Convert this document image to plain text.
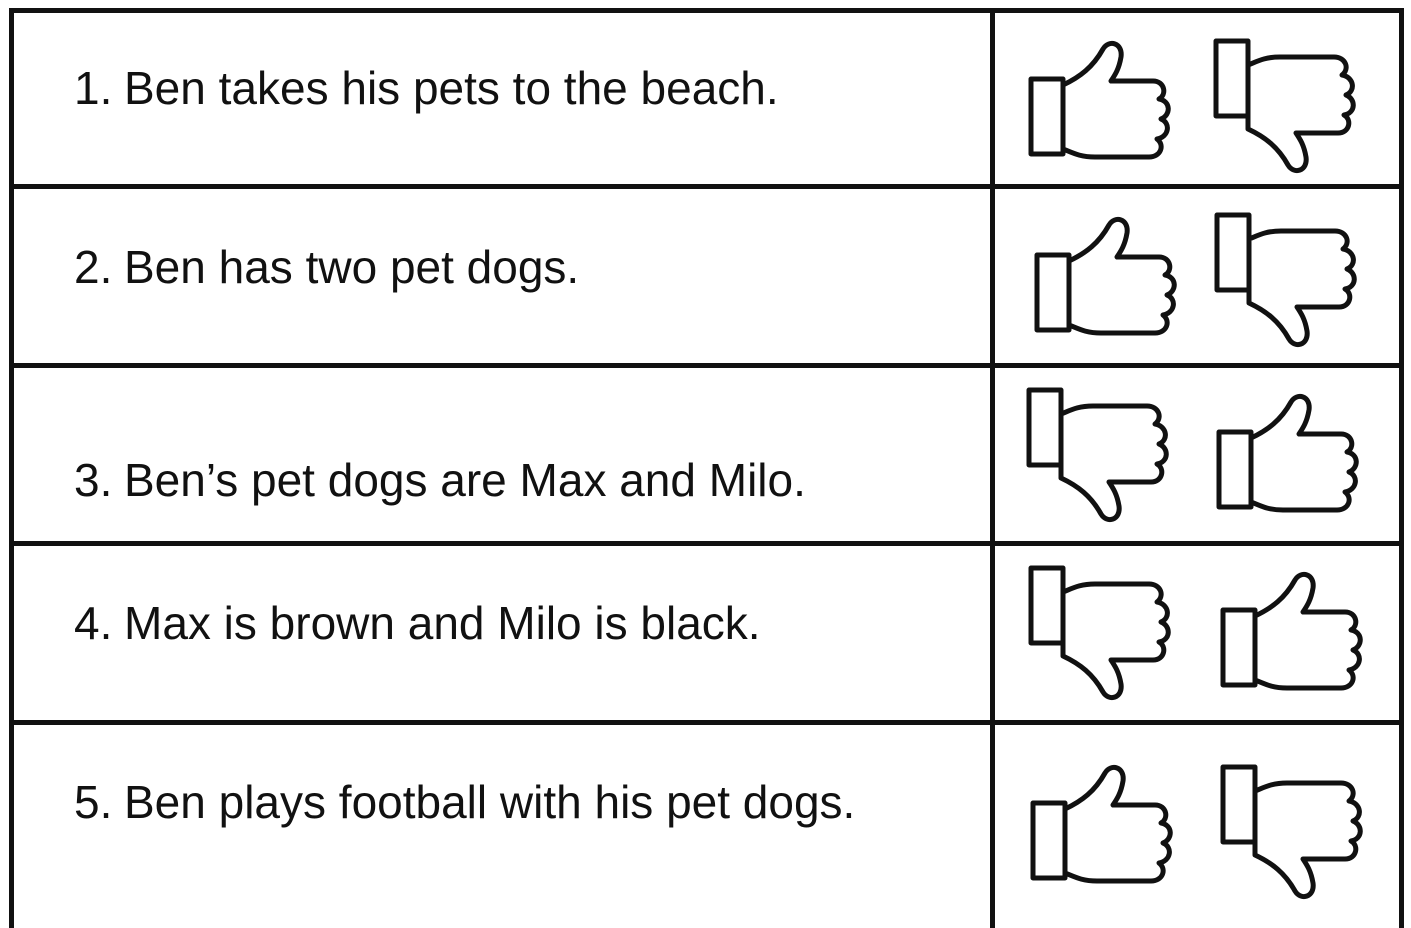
1. Ben takes his pets to the beach.

2. Ben has two pet dogs.

3. Ben’s pet dogs are Max and Milo.

4. Max is brown and Milo is black.

5. Ben plays football with his pet dogs.
